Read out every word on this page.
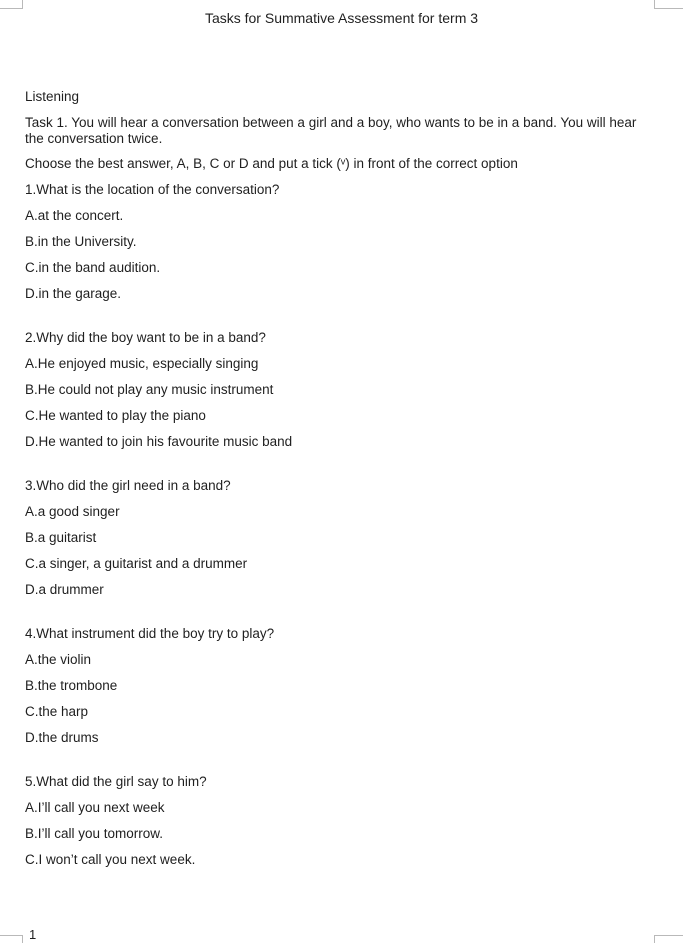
Tasks for Summative Assessment for term 3
Listening
Task 1. You will hear a conversation between a girl and a boy, who wants to be in a band. You will hear the conversation twice.
Choose the best answer, A, B, C or D and put a tick (ᵛ) in front of the correct option
1.What is the location of the conversation?
A.at the concert.
B.in the University.
C.in the band audition.
D.in the garage.
2.Why did the boy want to be in a band?
A.He enjoyed music, especially singing
B.He could not play any music instrument
C.He wanted to play the piano
D.He wanted to join his favourite music band
3.Who did the girl need in a band?
A.a good singer
B.a guitarist
C.a singer, a guitarist and a drummer
D.a drummer
4.What instrument did the boy try to play?
A.the violin
B.the trombone
C.the harp
D.the drums
5.What did the girl say to him?
A.I’ll call you next week
B.I’ll call you tomorrow.
C.I won’t call you next week.
1
